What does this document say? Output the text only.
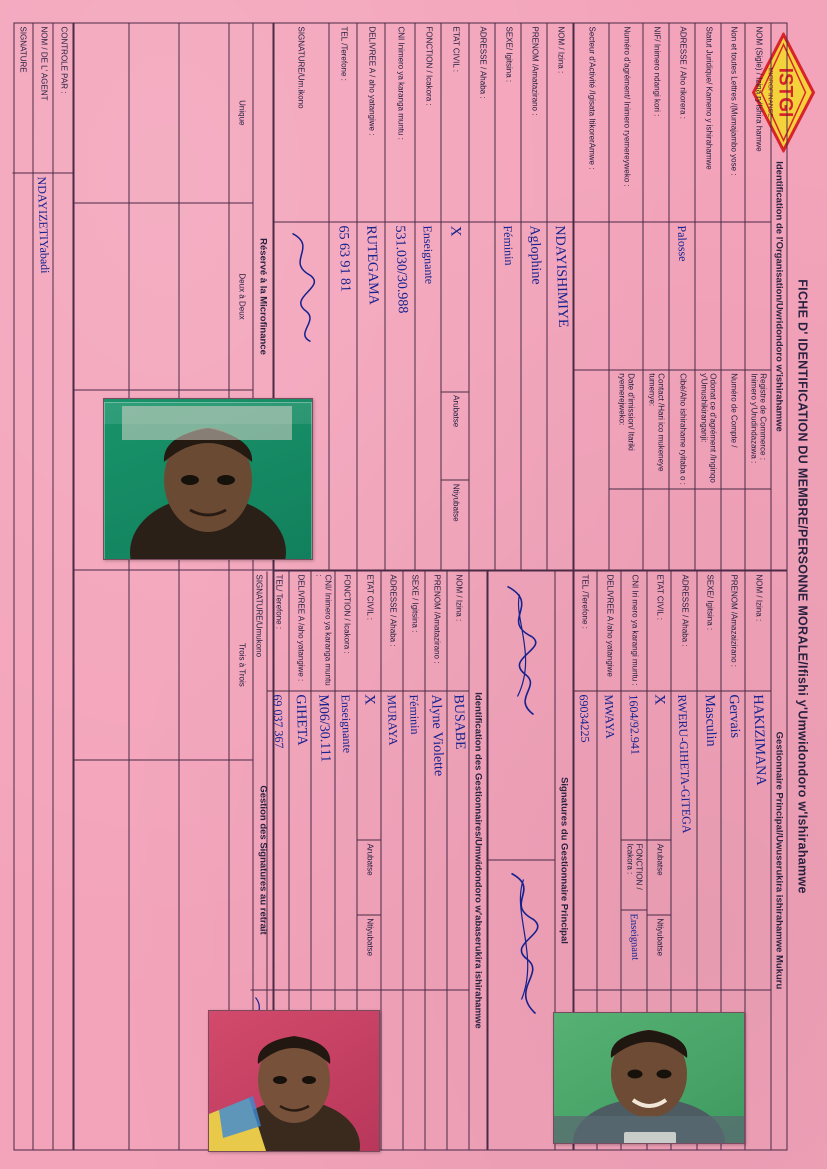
ISTGI
MICROFINANCE
FICHE D' IDENTIFICATION DU MEMBRE/PERSONNE MORALE/Ifishi y'Umwidondoro w'Ishirahamwe
Identification de l'Organisation/Uwridondoro w'ishirahamwe
NOM (Sigle) / Izina ry'ishira hamwe
Registre de Commerce : Inimero y'Urudindazawa :
Non et toutes Lettres /(Mumajambo yose :
Numéro de Compte /
Statut Juridique/ Kameno y ishirahamwe
Odonat ce d'agrément /Inginqo y'Umushikiranganji:
ADRESSE / Aho rikorera :
Palosse
Cibé/Aho ishirahame ryitaba o :
NIF/ Inimero ndangi kori :
Contact /Hari ico mukeneye tumenye:
Numéro d'agrément/ Inimero ryemereyweko :
Date d'imission/ Itariki ryemerejweko:
Secteur d'Activité /Igisata ItikorerAmwe :
Gestionnaire Principal/Uwuserukira ishirahamwe Mukuru
NOM / Izina :
HAKIZIMANA
PRENOM /Amazaizirano :
Gervais
SEXE/ Igitsina :
Masculin
ADRESSE / Ahaba :
RWERU-GIHETA-GITEGA
ETAT CIVIL :
X
Arubatse
Ntiyubatse
CNI Iri mero ya karangi muntu :
1604/92.941
FONCTION / Icakora :
Enseignant
DELIVREE A /aho yatangiwe
MWAYA
TEL /Terefone :
69034225
Signatures du Gestionnaire Principal
NOM / Izina :
NDAYISHIMIYE
PRENOM /Amatazirano :
Aglophine
SEXE/ Igitsina :
Féminin
ADRESSE / Ahaba :
ETAT CIVIL :
X
Arubatse
Ntiyubatse
FONCTION / Icakora :
Enseignante
CNI Inimero ya karanga muntu :
531.030/30.988
DELIVREE A / aho yatangiwe :
RUTEGAMA
TEL /Terefone :
65 63 91 81
SIGNATURE/Um.ikono
Identification des Gestionnaires/Umwidondoro w'abaserukira ishirahamwe
NOM / Izina :
BUSABE
PRENOM /Amatazirano :
Alyne Violette
SEXE / Igitsina :
Féminin
ADRESSE / Ahaba :
MURAYA
ETAT CIVIL :
X
Arubatse
Ntiyubatse
FONCTION / Icakora :
Enseignante
CNI/ Inimero ya karanga muntu :
M06/30.111
DELIVREE A /aho yatangiwe :
GIHETA
TEL/ Terefone :
69 037 367
SIGNATURE/Umukono
Réservé à la Microfinance
Gestion des Signatures au retrait
Unique
Deux à Deux
Trois à Trois
CONTROLE PAR :
NOM / DE L' AGENT
NDAYIZETIYabadi
SIGNATURE
